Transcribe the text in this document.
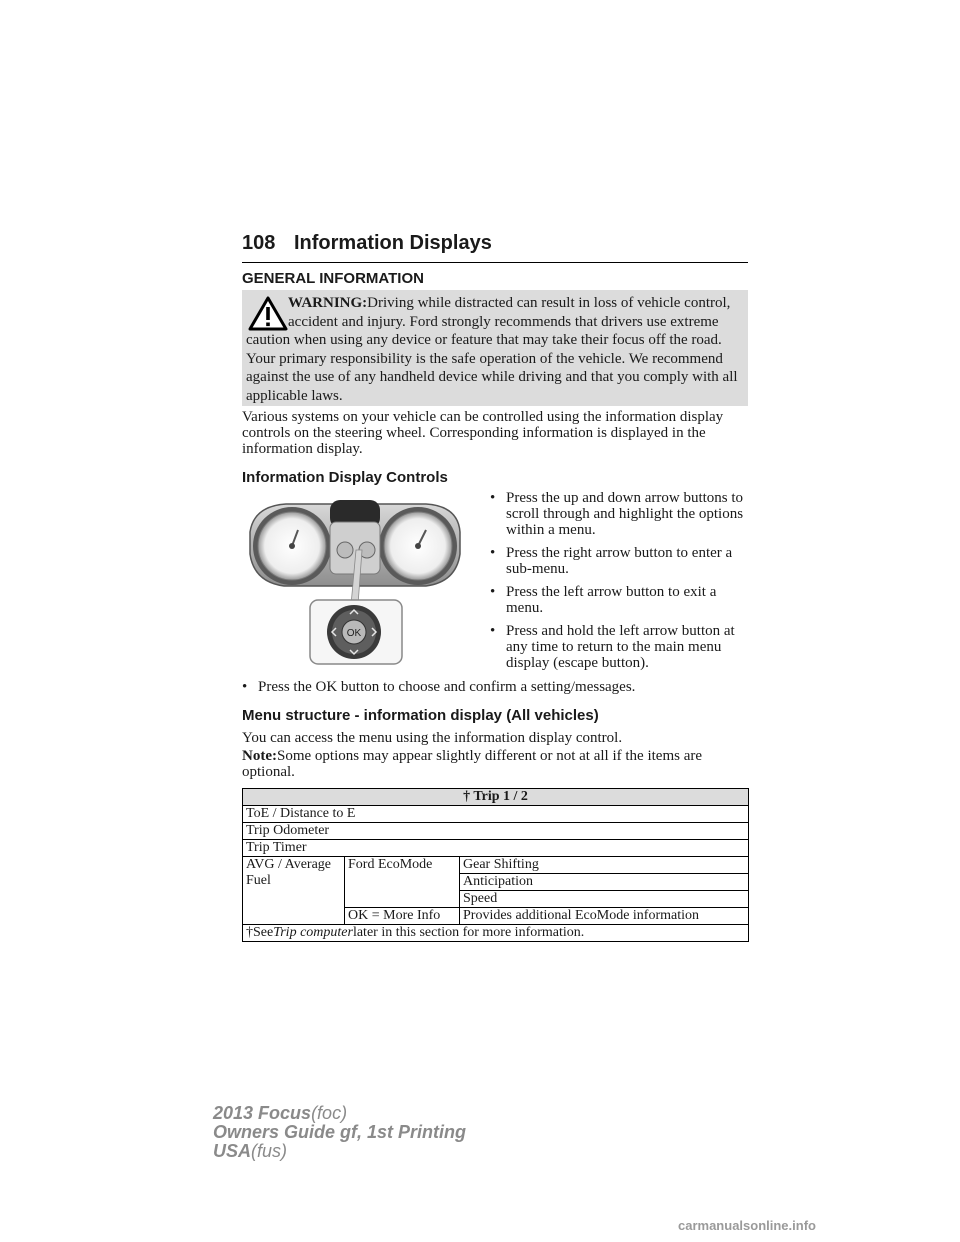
108 Information Displays
GENERAL INFORMATION
WARNING:Driving while distracted can result in loss of vehicle control, accident and injury. Ford strongly recommends that drivers use extreme caution when using any device or feature that may take their focus off the road. Your primary responsibility is the safe operation of the vehicle. We recommend against the use of any handheld device while driving and that you comply with all applicable laws.
Various systems on your vehicle can be controlled using the information display controls on the steering wheel. Corresponding information is displayed in the information display.
Information Display Controls
OK
• Press the up and down arrow buttons to scroll through and highlight the options within a menu.
• Press the right arrow button to enter a sub-menu.
• Press the left arrow button to exit a menu.
• Press and hold the left arrow button at any time to return to the main menu display (escape button).
• Press the OK button to choose and confirm a setting/messages.
Menu structure - information display (All vehicles)
You can access the menu using the information display control.
Note:Some options may appear slightly different or not at all if the items are optional.
† Trip 1 / 2		
ToE / Distance to E		
Trip Odometer		
Trip Timer		
AVG / Average Fuel	Ford EcoMode	Gear Shifting
		Anticipation
		Speed
	OK = More Info	Provides additional EcoMode information
†SeeTrip computerlater in this section for more information.		
2013 Focus(foc)
Owners Guide gf, 1st Printing
USA(fus)
carmanualsonline.info
